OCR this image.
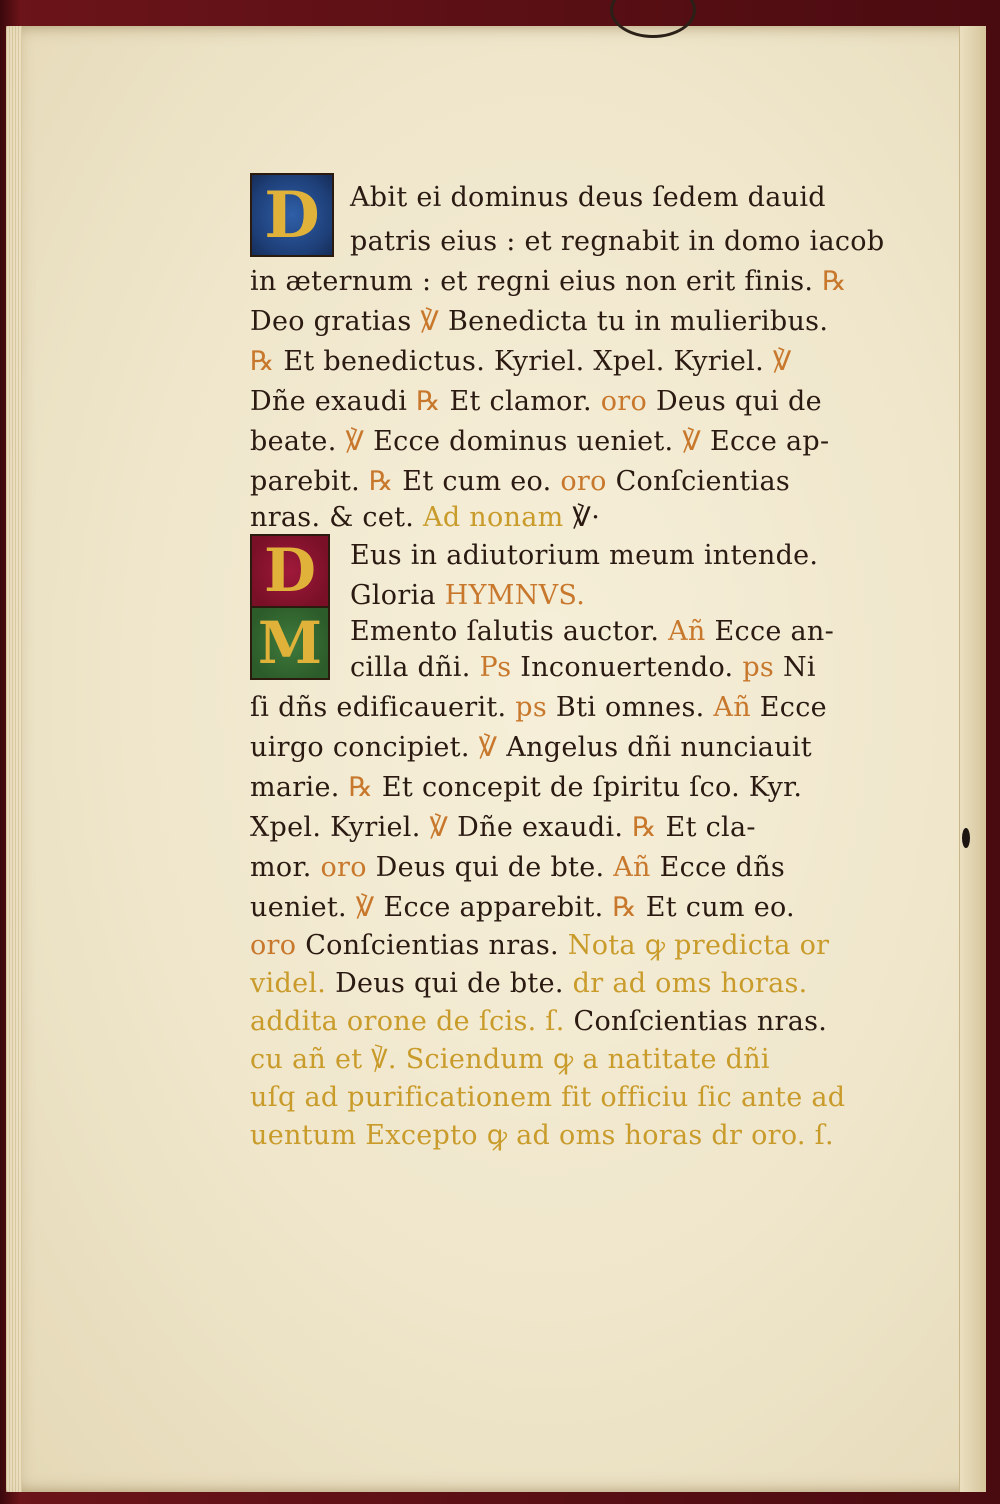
D
D
M
Abit ei dominus deus ſedem dauid
patris eius : et regnabit in domo iacob
in æternum : et regni eius non erit finis. ℞
Deo gratias ℣ Benedicta tu in mulieribus.
℞ Et benedictus. Kyriel. Xpel. Kyriel. ℣
Dñe exaudi ℞ Et clamor. oro Deus qui de
beate. ℣ Ecce dominus ueniet. ℣ Ecce ap-
parebit. ℞ Et cum eo. oro Conſcientias
nras. & cet. Ad nonam ℣·
Eus in adiutorium meum intende.
Gloria HYMNVS.
Emento ſalutis auctor. Añ Ecce an-
cilla dñi. Ps Inconuertendo. ps Ni
ſi dñs edificauerit. ps Bti omnes. Añ Ecce
uirgo concipiet. ℣ Angelus dñi nunciauit
marie. ℞ Et concepit de ſpiritu ſco. Kyr.
Xpel. Kyriel. ℣ Dñe exaudi. ℞ Et cla-
mor. oro Deus qui de bte. Añ Ecce dñs
ueniet. ℣ Ecce apparebit. ℞ Et cum eo.
oro Conſcientias nras. Nota ꝙ predicta or
videl. Deus qui de bte. dr ad oms horas.
addita orone de ſcis. ſ. Conſcientias nras.
cu añ et ℣. Sciendum ꝙ a natitate dñi
uſq ad purificationem fit officiu ſic ante ad
uentum Excepto ꝙ ad oms horas dr oro. ſ.
